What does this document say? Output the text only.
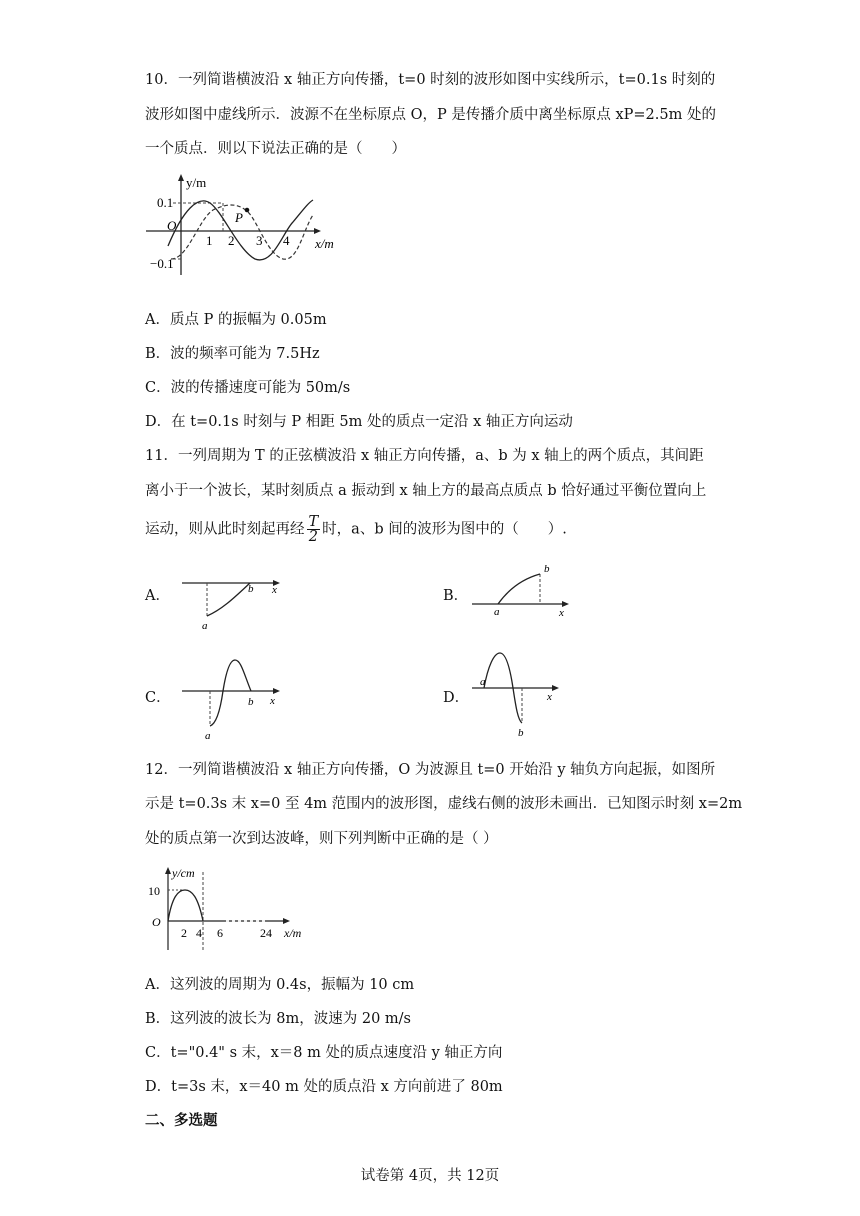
10．一列简谐横波沿 x 轴正方向传播，t=0 时刻的波形如图中实线所示，t=0.1s 时刻的
波形如图中虚线所示．波源不在坐标原点 O，P 是传播介质中离坐标原点 xP=2.5m 处的
一个质点．则以下说法正确的是（　　）
y/m
x/m
O
0.1
−0.1
1 2 3 4
P
A．质点 P 的振幅为 0.05m
B．波的频率可能为 7.5Hz
C．波的传播速度可能为 50m/s
D．在 t=0.1s 时刻与 P 相距 5m 处的质点一定沿 x 轴正方向运动
11．一列周期为 T 的正弦横波沿 x 轴正方向传播，a、b 为 x 轴上的两个质点，其间距
离小于一个波长，某时刻质点 a 振动到 x 轴上方的最高点质点 b 恰好通过平衡位置向上
运动，则从此时刻起再经 $\frac{T}{2}$ 时，a、b 间的波形为图中的（　　）.
A．
a
b x	B．
a
b
x
C．
a
b x	D．
a
b
x
12．一列简谐横波沿 x 轴正方向传播，O 为波源且 t=0 开始沿 y 轴负方向起振，如图所
示是 t=0.3s 末 x=0 至 4m 范围内的波形图，虚线右侧的波形未画出．已知图示时刻 x=2m
处的质点第一次到达波峰，则下列判断中正确的是（ ）
y/cm
O
10
2 4 6	24 x/m
A．这列波的周期为 0.4s，振幅为 10 cm
B．这列波的波长为 8m，波速为 20 m/s
C．t="0.4" s 末，x＝8 m 处的质点速度沿 y 轴正方向
D．t=3s 末，x＝40 m 处的质点沿 x 方向前进了 80m
二、多选题
试卷第 4页，共 12页
